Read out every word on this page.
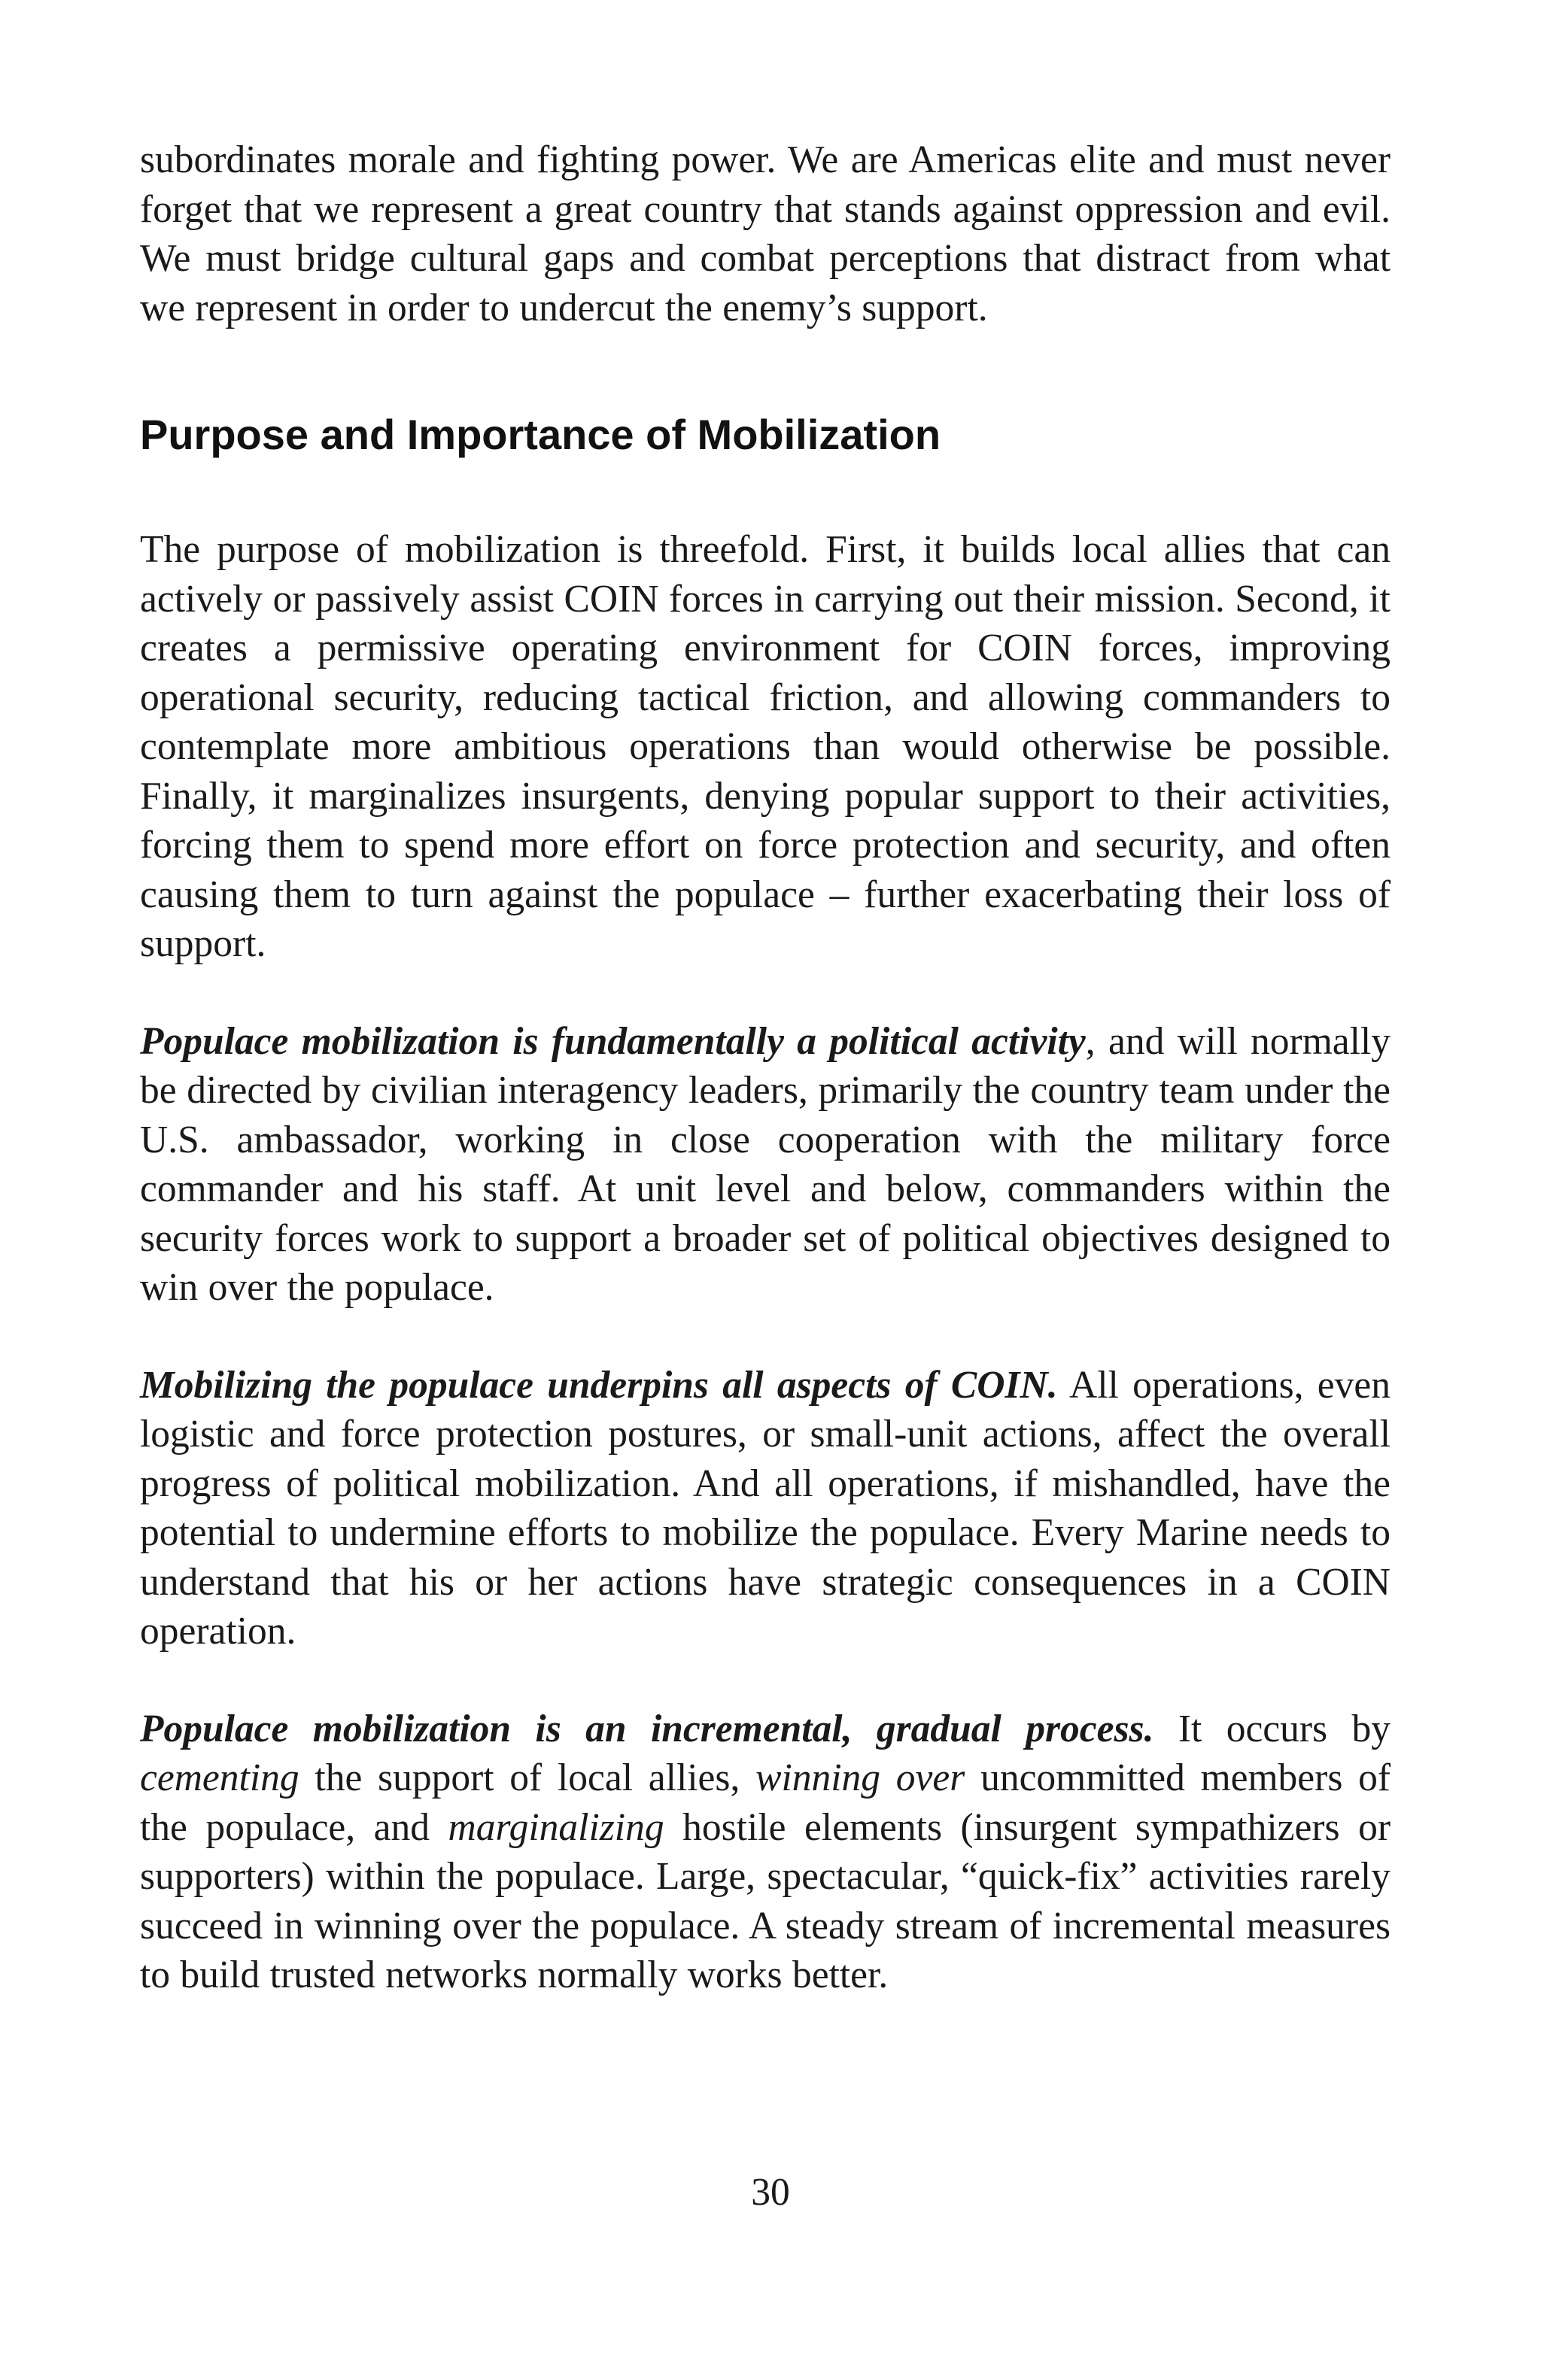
subordinates morale and fighting power. We are Americas elite and must never forget that we represent a great country that stands against oppression and evil. We must bridge cultural gaps and combat perceptions that distract from what we represent in order to undercut the enemy’s support.

Purpose and Importance of Mobilization

The purpose of mobilization is threefold. First, it builds local allies that can actively or passively assist COIN forces in carrying out their mission. Second, it creates a permissive operating environment for COIN forces, improving operational security, reducing tactical friction, and allowing commanders to contemplate more ambitious operations than would otherwise be possible. Finally, it marginalizes insurgents, denying popular support to their activities, forcing them to spend more effort on force protection and security, and often causing them to turn against the populace – further exacerbating their loss of support.

Populace mobilization is fundamentally a political activity, and will normally be directed by civilian interagency leaders, primarily the country team under the U.S. ambassador, working in close cooperation with the military force commander and his staff. At unit level and below, commanders within the security forces work to support a broader set of political objectives designed to win over the populace.

Mobilizing the populace underpins all aspects of COIN. All operations, even logistic and force protection postures, or small-unit actions, affect the overall progress of political mobilization. And all operations, if mishandled, have the potential to undermine efforts to mobilize the populace. Every Marine needs to understand that his or her actions have strategic consequences in a COIN operation.

Populace mobilization is an incremental, gradual process. It occurs by cementing the support of local allies, winning over uncommitted members of the populace, and marginalizing hostile elements (insurgent sympathizers or supporters) within the populace. Large, spectacular, “quick-fix” activities rarely succeed in winning over the populace. A steady stream of incremental measures to build trusted networks normally works better.

30
